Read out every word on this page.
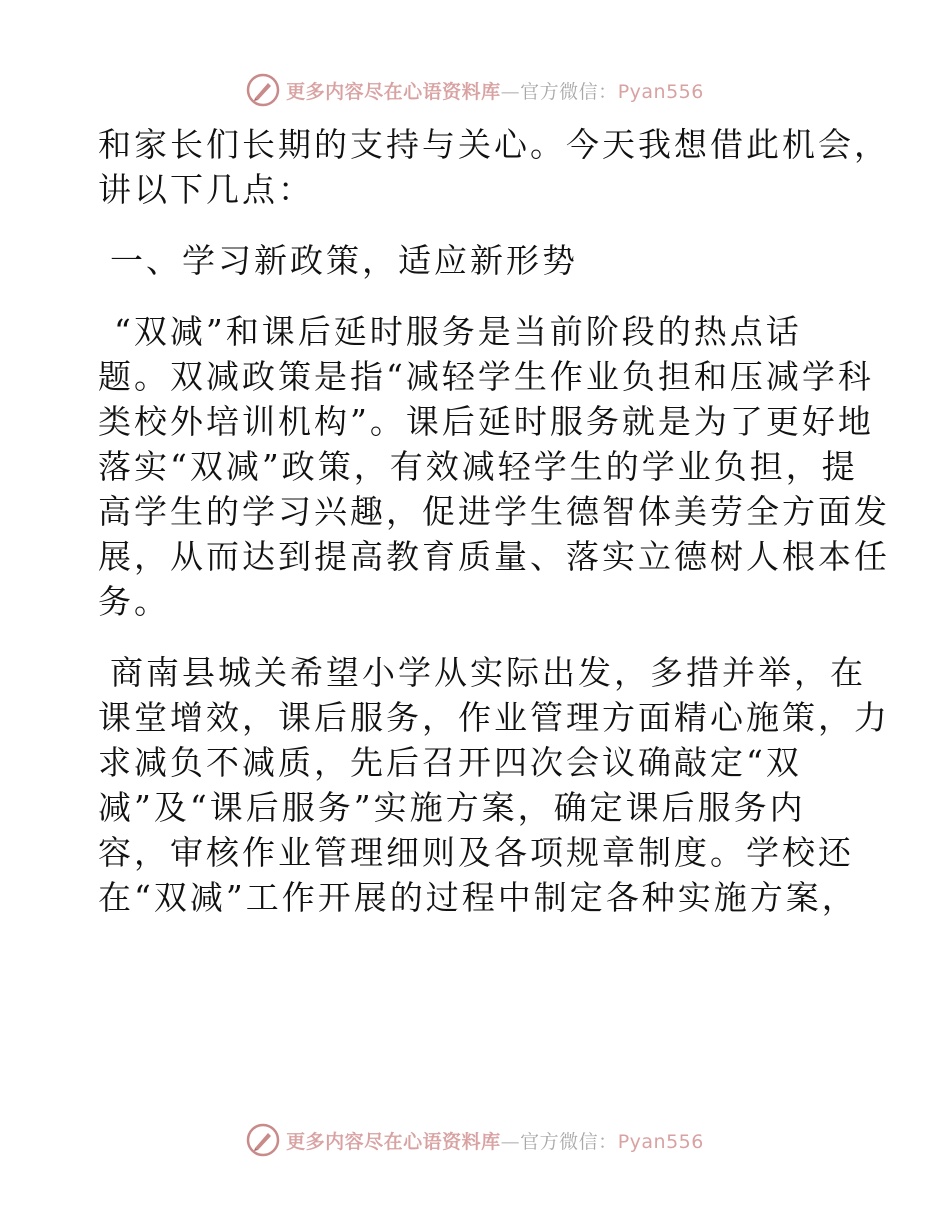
更多内容尽在心语资料库—官方微信：Pyan556
和家长们长期的支持与关心。今天我想借此机会，
讲以下几点：
一、学习新政策，适应新形势
“双减”和课后延时服务是当前阶段的热点话
题。双减政策是指“减轻学生作业负担和压减学科
类校外培训机构”。课后延时服务就是为了更好地
落实“双减”政策，有效减轻学生的学业负担，提
高学生的学习兴趣，促进学生德智体美劳全方面发
展，从而达到提高教育质量、落实立德树人根本任
务。
商南县城关希望小学从实际出发，多措并举，在
课堂增效，课后服务，作业管理方面精心施策，力
求减负不减质，先后召开四次会议确敲定“双
减”及“课后服务”实施方案，确定课后服务内
容，审核作业管理细则及各项规章制度。学校还
在“双减”工作开展的过程中制定各种实施方案，
更多内容尽在心语资料库—官方微信：Pyan556
